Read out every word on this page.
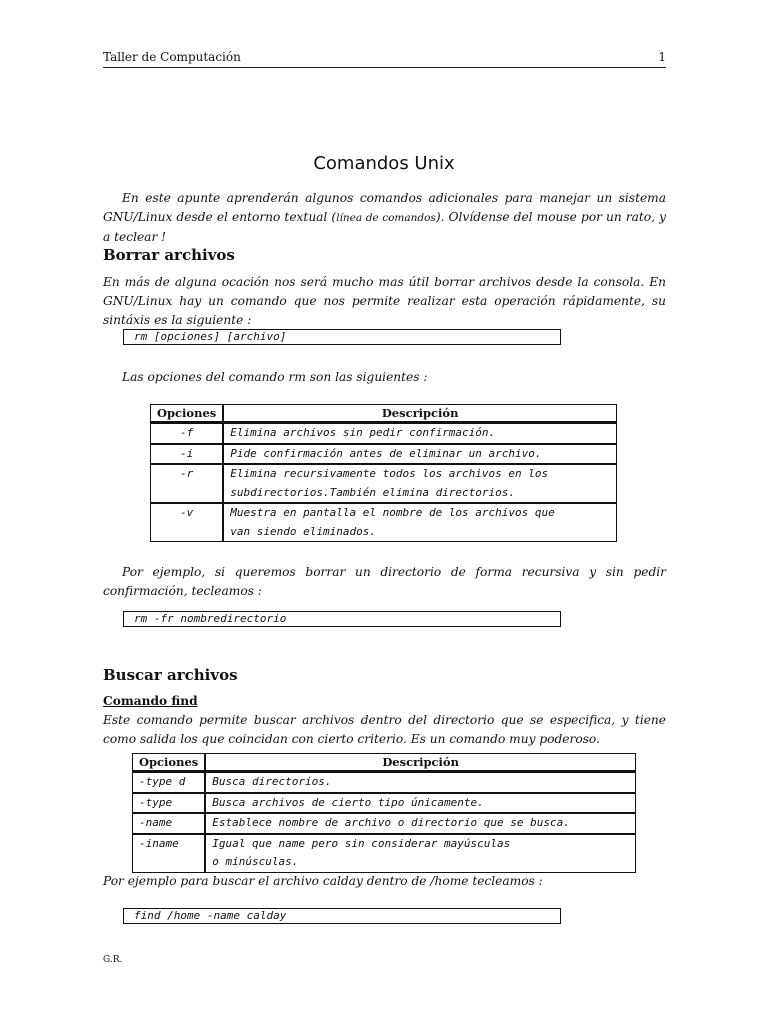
Taller de Computación	1
Comandos Unix
En este apunte aprenderán algunos comandos adicionales para manejar un sistema GNU/Linux desde el entorno textual (línea de comandos). Olvídense del mouse por un rato, y a teclear !
Borrar archivos
En más de alguna ocación nos será mucho mas útil borrar archivos desde la consola. En GNU/Linux hay un comando que nos permite realizar esta operación rápidamente, su sintáxis es la siguiente :
rm [opciones] [archivo]
Las opciones del comando rm son las siguientes :
Opciones	Descripción
-f	Elimina archivos sin pedir confirmación.
-i	Pide confirmación antes de eliminar un archivo.
-r	Elimina recursivamente todos los archivos en los
subdirectorios.También elimina directorios.
-v	Muestra en pantalla el nombre de los archivos que
van siendo eliminados.
Por ejemplo, si queremos borrar un directorio de forma recursiva y sin pedir confirmación, tecleamos :
rm -fr nombredirectorio
Buscar archivos
Comando find
Este comando permite buscar archivos dentro del directorio que se especifica, y tiene como salida los que coincidan con cierto criterio. Es un comando muy poderoso.
Opciones	Descripción
-type d	Busca directorios.
-type	Busca archivos de cierto tipo únicamente.
-name	Establece nombre de archivo o directorio que se busca.
-iname	Igual que name pero sin considerar mayúsculas
o minúsculas.
Por ejemplo para buscar el archivo calday dentro de /home tecleamos :
find /home -name calday
G.R.
